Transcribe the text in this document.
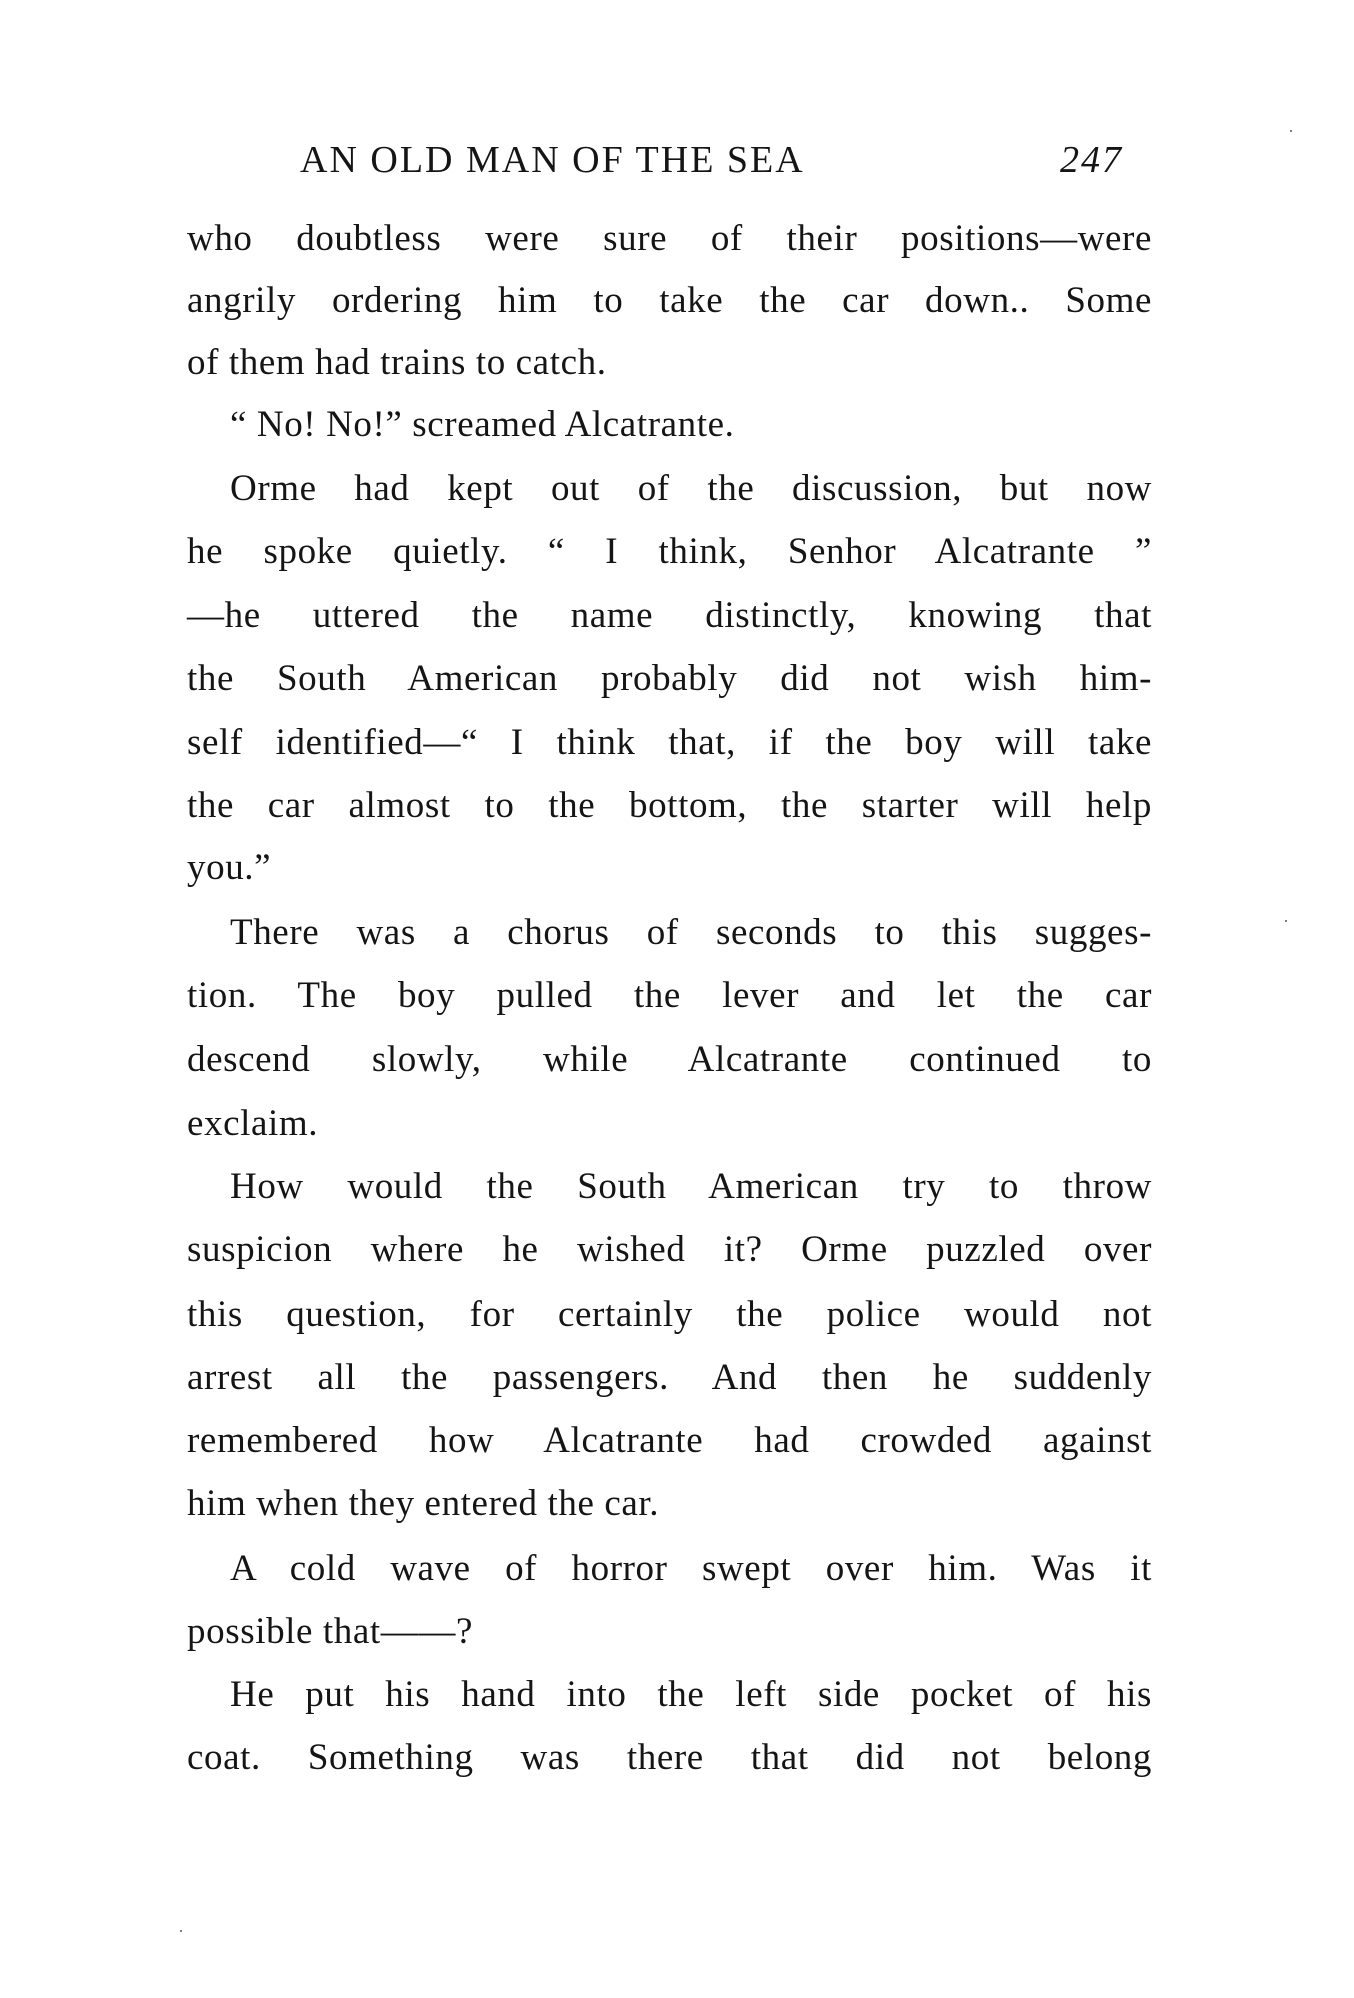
AN OLD MAN OF THE SEA	247
who doubtless were sure of their positions—were
angrily ordering him to take the car down.. Some
of them had trains to catch.
“ No! No!” screamed Alcatrante.
Orme had kept out of the discussion, but now
he spoke quietly. “ I think, Senhor Alcatrante ”
—he uttered the name distinctly, knowing that
the South American probably did not wish him-
self identified—“ I think that, if the boy will take
the car almost to the bottom, the starter will help
you.”
There was a chorus of seconds to this sugges-
tion. The boy pulled the lever and let the car
descend slowly, while Alcatrante continued to
exclaim.
How would the South American try to throw
suspicion where he wished it? Orme puzzled over
this question, for certainly the police would not
arrest all the passengers. And then he suddenly
remembered how Alcatrante had crowded against
him when they entered the car.
A cold wave of horror swept over him. Was it
possible that——?
He put his hand into the left side pocket of his
coat. Something was there that did not belong
